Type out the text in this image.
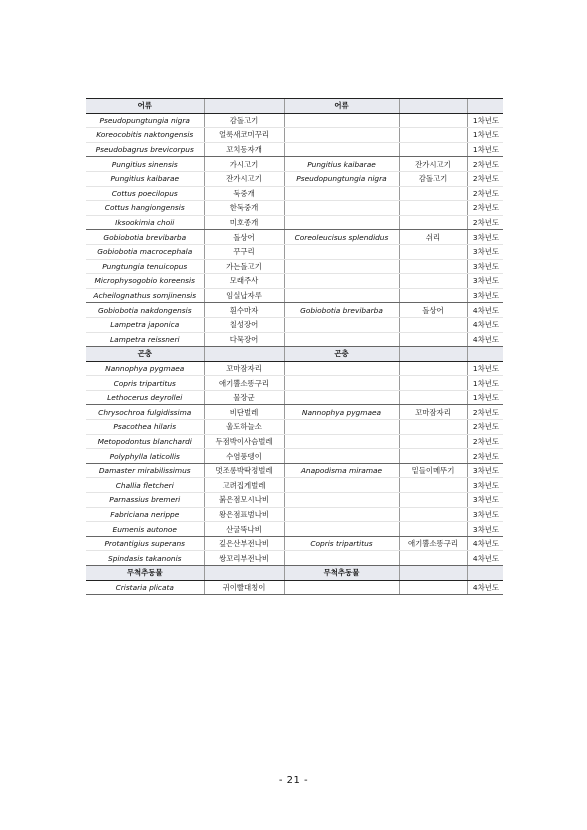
어류		어류		
Pseudopungtungia nigra	감돌고기			1차년도
Koreocobitis naktongensis	얼룩새코미꾸리			1차년도
Pseudobagrus brevicorpus	꼬치동자개			1차년도
Pungitius sinensis	가시고기	Pungitius kaibarae	잔가시고기	2차년도
Pungitius kaibarae	잔가시고기	Pseudopungtungia nigra	감돌고기	2차년도
Cottus poecilopus	둑중개			2차년도
Cottus hangiongensis	한둑중개			2차년도
Iksookimia choii	미호종개			2차년도
Gobiobotia brevibarba	돌상어	Coreoleucisus splendidus	쉬리	3차년도
Gobiobotia macrocephala	꾸구리			3차년도
Pungtungia tenuicopus	가는돌고기			3차년도
Microphysogobio koreensis	모래주사			3차년도
Acheilognathus somjinensis	임실납자루			3차년도
Gobiobotia nakdongensis	흰수마자	Gobiobotia brevibarba	돌상어	4차년도
Lampetra japonica	칠성장어			4차년도
Lampetra reissneri	다묵장어			4차년도
곤충		곤충		
Nannophya pygmaea	꼬마잠자리			1차년도
Copris tripartitus	애기뿔소똥구리			1차년도
Lethocerus deyrollei	물장군			1차년도
Chrysochroa fulgidissima	비단벌레	Nannophya pygmaea	꼬마잠자리	2차년도
Psacothea hilaris	울도하늘소			2차년도
Metopodontus blanchardi	두점박이사슴벌레			2차년도
Polyphylla laticollis	수염풍뎅이			2차년도
Damaster mirabilissimus	멋조롱박딱정벌레	Anapodisma miramae	밑들이메뚜기	3차년도
Challia fletcheri	고려집게벌레			3차년도
Parnassius bremeri	붉은점모시나비			3차년도
Fabriciana nerippe	왕은점표범나비			3차년도
Eumenis autonoe	산굴뚝나비			3차년도
Protantigius superans	깊은산부전나비	Copris tripartitus	애기뿔소똥구리	4차년도
Spindasis takanonis	쌍꼬리부전나비			4차년도
무척추동물		무척추동물		
Cristaria plicata	귀이빨대칭이			4차년도
- 21 -
